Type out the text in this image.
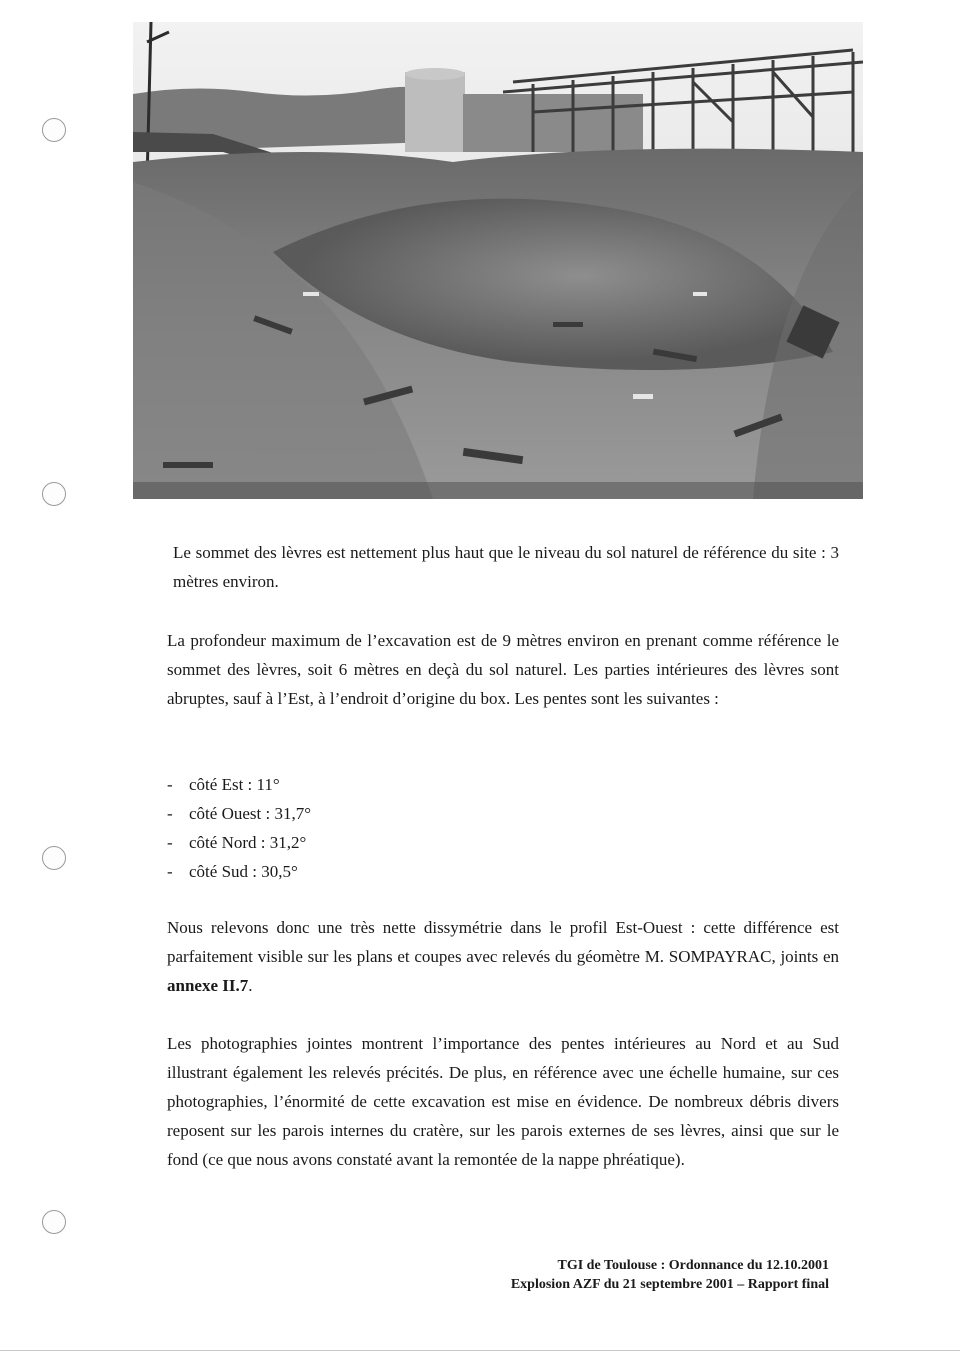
Le sommet des lèvres est nettement plus haut que le niveau du sol naturel de référence du site : 3 mètres environ.

La profondeur maximum de l’excavation est de 9 mètres environ en prenant comme référence le sommet des lèvres, soit 6 mètres en deçà du sol naturel. Les parties intérieures des lèvres sont abruptes, sauf à l’Est, à l’endroit d’origine du box. Les pentes sont les suivantes :

- côté Est : 11°
- côté Ouest : 31,7°
- côté Nord : 31,2°
- côté Sud : 30,5°

Nous relevons donc une très nette dissymétrie dans le profil Est-Ouest : cette différence est parfaitement visible sur les plans et coupes avec relevés du géomètre M. SOMPAYRAC, joints en annexe II.7.

Les photographies jointes montrent l’importance des pentes intérieures au Nord et au Sud illustrant également les relevés précités. De plus, en référence avec une échelle humaine, sur ces photographies, l’énormité de cette excavation est mise en évidence. De nombreux débris divers reposent sur les parois internes du cratère, sur les parois externes de ses lèvres, ainsi que sur le fond (ce que nous avons constaté avant la remontée de la nappe phréatique).

TGI de Toulouse : Ordonnance du 12.10.2001
Explosion AZF du 21 septembre 2001 – Rapport final
